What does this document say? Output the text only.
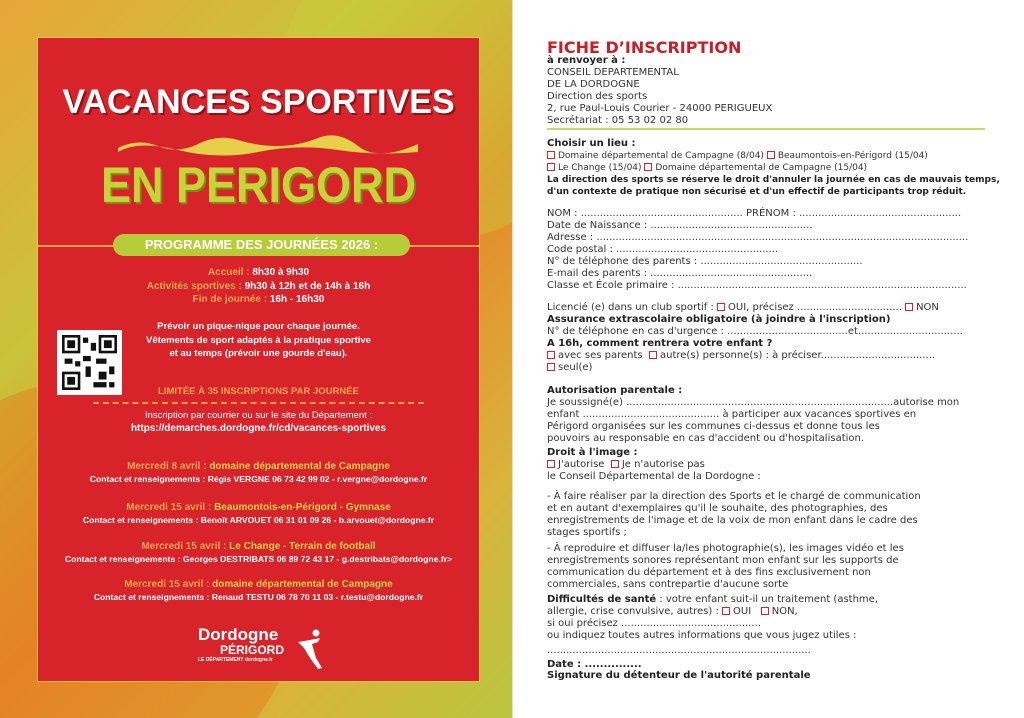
VACANCES SPORTIVES
EN PERIGORD
PROGRAMME DES JOURNÉES 2026 :
Accueil : 8h30 à 9h30
Activités sportives : 9h30 à 12h et de 14h à 16h
Fin de journée : 16h - 16h30
Prévoir un pique-nique pour chaque journée.
Vêtements de sport adaptés à la pratique sportive
et au temps (prévoir une gourde d'eau).
LIMITÉE À 35 INSCRIPTIONS PAR JOURNÉE
Inscription par courrier ou sur le site du Département :
https://demarches.dordogne.fr/cd/vacances-sportives
Mercredi 8 avril : domaine départemental de Campagne
Contact et renseignements : Régis VERGNE 06 73 42 99 02 - r.vergne@dordogne.fr
Mercredi 15 avril : Beaumontois-en-Périgord - Gymnase
Contact et renseignements : Benoît ARVOUET 06 31 01 09 26 - b.arvouet@dordogne.fr
Mercredi 15 avril : Le Change - Terrain de football
Contact et renseignements : Georges DESTRIBATS 06 89 72 43 17 - g.destribats@dordogne.fr>
Mercredi 15 avril : domaine départemental de Campagne
Contact et renseignements : Renaud TESTU 06 78 70 11 03 - r.testu@dordogne.fr
Dordogne
PÉRIGORD
LE DÉPARTEMENT dordogne.fr
FICHE D’INSCRIPTION
à renvoyer à :
CONSEIL DEPARTEMENTAL
DE LA DORDOGNE
Direction des sports
2, rue Paul-Louis Courier - 24000 PERIGUEUX
Secrétariat : 05 53 02 02 80
Choisir un lieu :
Domaine départemental de Campagne (8/04) Beaumontois-en-Périgord (15/04)
Le Change (15/04) Domaine départemental de Campagne (15/04)
La direction des sports se réserve le droit d'annuler la journée en cas de mauvais temps,
d'un contexte de pratique non sécurisé et d'un effectif de participants trop réduit.
NOM : ................................................... PRÉNOM : ...................................................
Date de Naissance : ...................................................
Adresse : .....................................................................................................................
Code postal : ...................................................
N° de téléphone des parents : ...................................................
E-mail des parents : ...................................................
Classe et École primaire : ...........................................................................................
Licencié (e) dans un club sportif : OUI, précisez ................................. NON
Assurance extrascolaire obligatoire (à joindre à l'inscription)
N° de téléphone en cas d'urgence : ......................................et.................................
A 16h, comment rentrera votre enfant ?
avec ses parents autre(s) personne(s) : à préciser....................................
seul(e)
Autorisation parentale :
Je soussigné(e) ....................................................................................autorise mon
enfant ........................................... à participer aux vacances sportives en
Périgord organisées sur les communes ci-dessus et donne tous les
pouvoirs au responsable en cas d'accident ou d'hospitalisation.
Droit à l'image :
J'autorise Je n'autorise pas
le Conseil Départemental de la Dordogne :
- À faire réaliser par la direction des Sports et le chargé de communication
et en autant d'exemplaires qu'il le souhaite, des photographies, des
enregistrements de l'image et de la voix de mon enfant dans le cadre des
stages sportifs ;
- À reproduire et diffuser la/les photographie(s), les images vidéo et les
enregistrements sonores représentant mon enfant sur les supports de
communication du département et à des fins exclusivement non
commerciales, sans contrepartie d'aucune sorte
Difficultés de santé : votre enfant suit-il un traitement (asthme,
allergie, crise convulsive, autres) : OUI NON,
si oui précisez ............................................
ou indiquez toutes autres informations que vous jugez utiles :
...................................................................................
Date : ...............
Signature du détenteur de l'autorité parentale
